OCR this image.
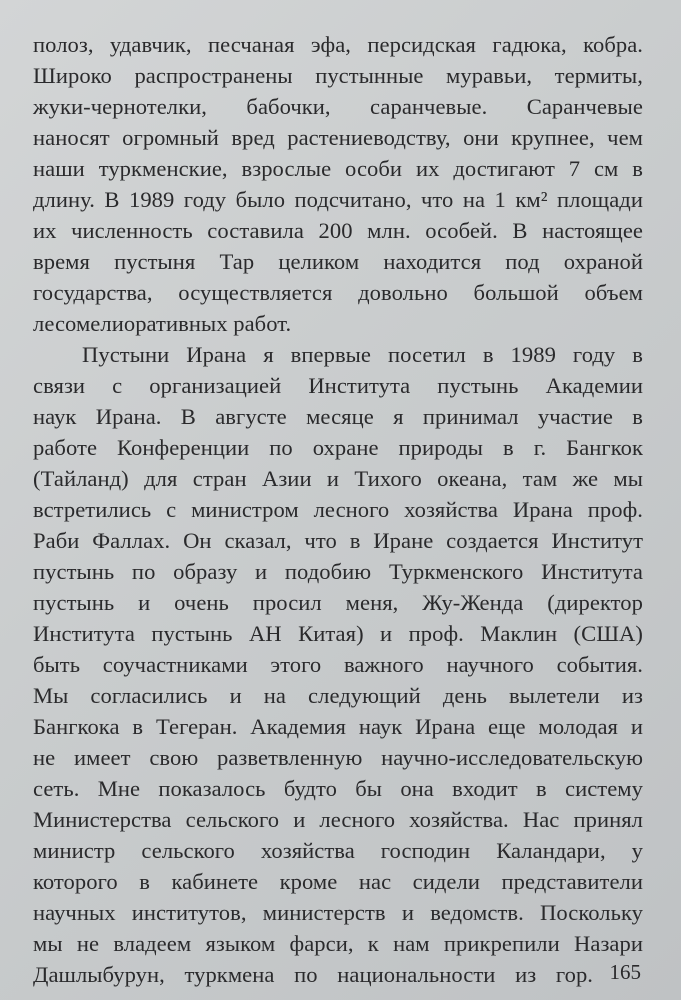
полоз, удавчик, песчаная эфа, персидская гадюка, кобра.
Широко распространены пустынные муравьи, термиты,
жуки-чернотелки, бабочки, саранчевые. Саранчевые
наносят огромный вред растениеводству, они крупнее, чем
наши туркменские, взрослые особи их достигают 7 см в
длину. В 1989 году было подсчитано, что на 1 км² площади
их численность составила 200 млн. особей. В настоящее
время пустыня Тар целиком находится под охраной
государства, осуществляется довольно большой объем
лесомелиоративных работ.
Пустыни Ирана я впервые посетил в 1989 году в
связи с организацией Института пустынь Академии
наук Ирана. В августе месяце я принимал участие в
работе Конференции по охране природы в г. Бангкок
(Тайланд) для стран Азии и Тихого океана, там же мы
встретились с министром лесного хозяйства Ирана проф.
Раби Фаллах. Он сказал, что в Иране создается Институт
пустынь по образу и подобию Туркменского Института
пустынь и очень просил меня, Жу-Женда (директор
Института пустынь АН Китая) и проф. Маклин (США)
быть соучастниками этого важного научного события.
Мы согласились и на следующий день вылетели из
Бангкока в Тегеран. Академия наук Ирана еще молодая и
не имеет свою разветвленную научно-исследовательскую
сеть. Мне показалось будто бы она входит в систему
Министерства сельского и лесного хозяйства. Нас принял
министр сельского хозяйства господин Каландари, у
которого в кабинете кроме нас сидели представители
научных институтов, министерств и ведомств. Поскольку
мы не владеем языком фарси, к нам прикрепили Назари
Дашлыбурун, туркмена по национальности из гор. 165
